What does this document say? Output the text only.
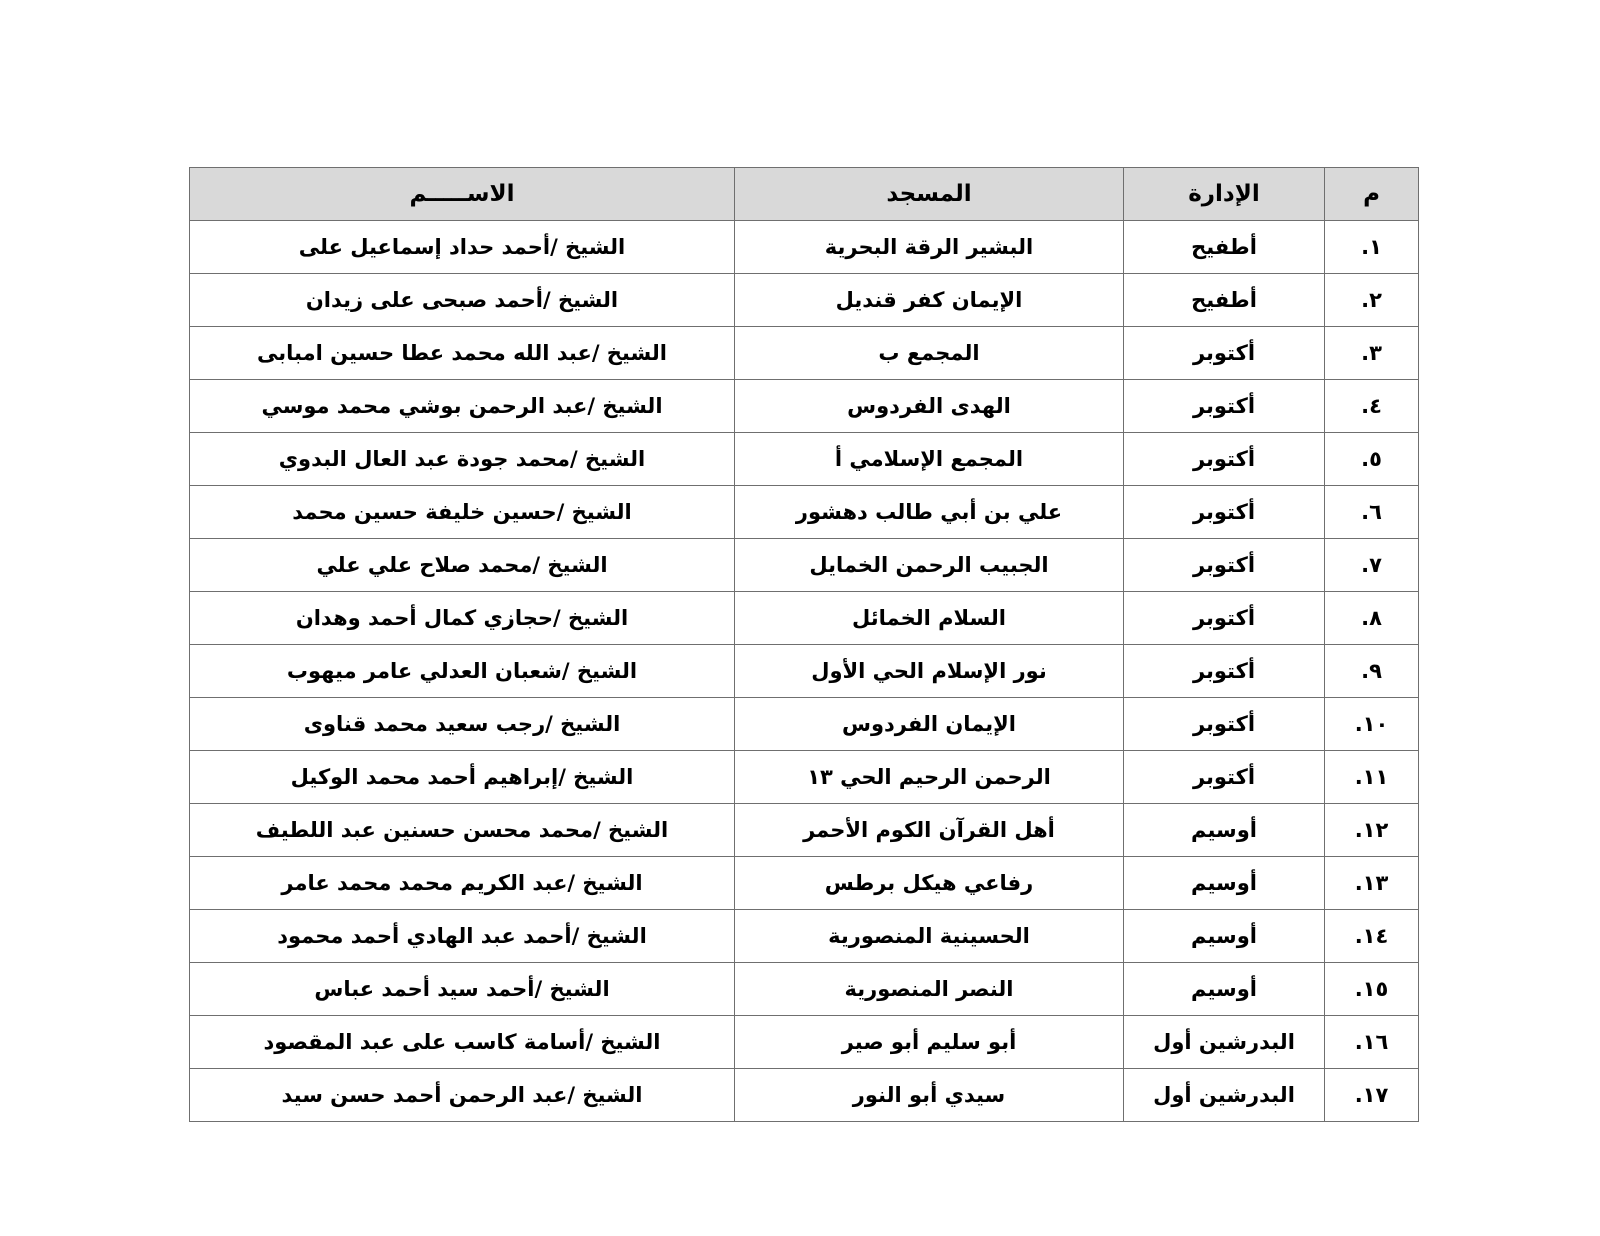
م	الإدارة	المسجد	الاســـــم
١.	أطفيح	البشير الرقة البحرية	الشيخ /أحمد حداد إسماعيل على
٢.	أطفيح	الإيمان كفر قنديل	الشيخ /أحمد صبحى على زيدان
٣.	أكتوبر	المجمع ب	الشيخ /عبد الله محمد عطا حسين امبابى
٤.	أكتوبر	الهدى الفردوس	الشيخ /عبد الرحمن بوشي محمد موسي
٥.	أكتوبر	المجمع الإسلامي أ	الشيخ /محمد جودة عبد العال البدوي
٦.	أكتوبر	علي بن أبي طالب دهشور	الشيخ /حسين خليفة حسين محمد
٧.	أكتوبر	الجبيب الرحمن الخمايل	الشيخ /محمد صلاح علي علي
٨.	أكتوبر	السلام الخمائل	الشيخ /حجازي كمال أحمد وهدان
٩.	أكتوبر	نور الإسلام الحي الأول	الشيخ /شعبان العدلي عامر ميهوب
١٠.	أكتوبر	الإيمان الفردوس	الشيخ /رجب سعيد محمد قناوى
١١.	أكتوبر	الرحمن الرحيم الحي ١٣	الشيخ /إبراهيم أحمد محمد الوكيل
١٢.	أوسيم	أهل القرآن الكوم الأحمر	الشيخ /محمد محسن حسنين عبد اللطيف
١٣.	أوسيم	رفاعي هيكل برطس	الشيخ /عبد الكريم محمد محمد عامر
١٤.	أوسيم	الحسينية المنصورية	الشيخ /أحمد عبد الهادي أحمد محمود
١٥.	أوسيم	النصر المنصورية	الشيخ /أحمد سيد أحمد عباس
١٦.	البدرشين أول	أبو سليم أبو صير	الشيخ /أسامة كاسب على عبد المقصود
١٧.	البدرشين أول	سيدي أبو النور	الشيخ /عبد الرحمن أحمد حسن سيد
